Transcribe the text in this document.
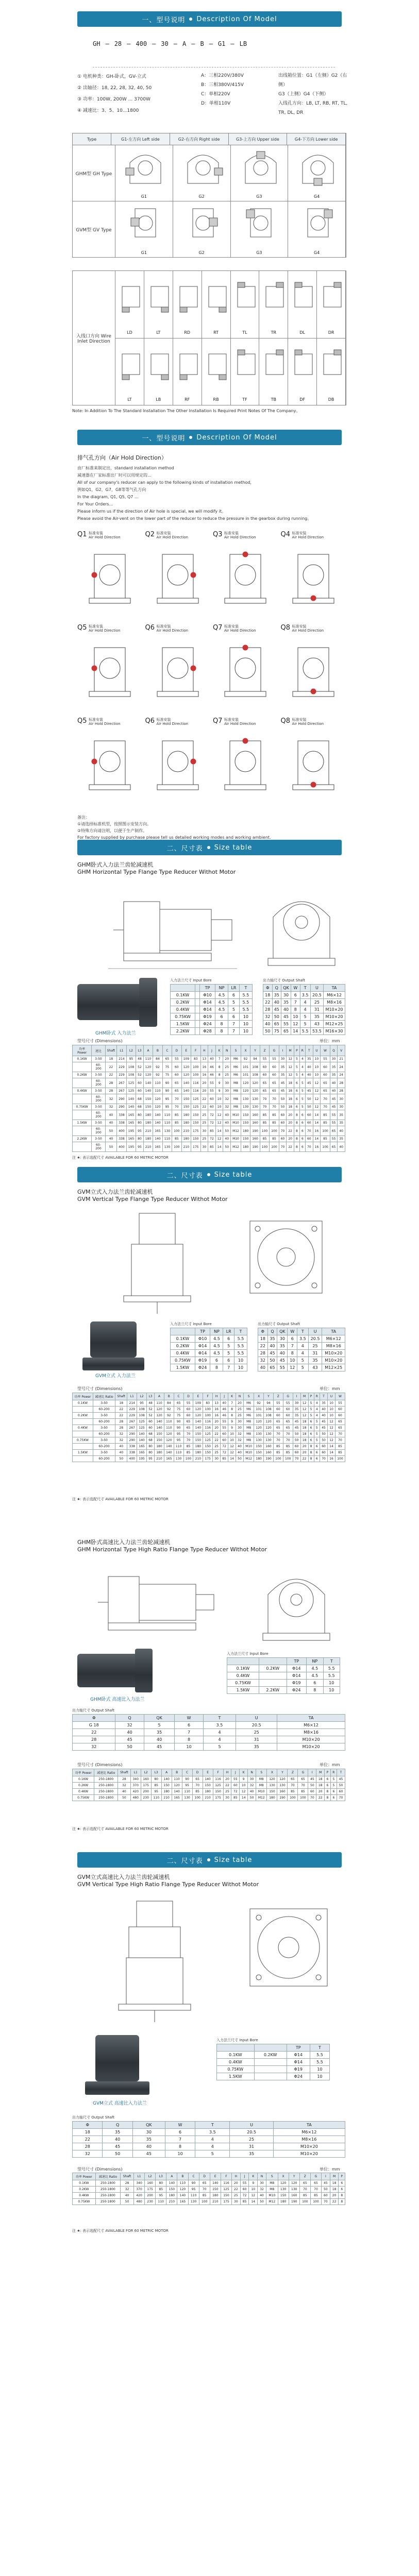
一、型号说明 Description Of Model
GH — 28 — 400 — 30 — A — B — G1 — LB
① 电机种类：GH-卧式，GV-立式
② 出轴径：18, 22, 28, 32, 40, 50
③ 功率：100W, 200W ... 3700W
④ 减速比：3、5、10...1800
A：三相220V/380V
B：三相380V/415V
C：单相220V
D：单相110V
出线箱位置：G1（左侧）G2（右侧）
G3（上侧）G4（下侧）
入线孔方向：LB, LT, RB, RT, TL, TR, DL, DR
Type	G1-左方向 Left side	G2-右方向 Right side	G3-上方向 Upper side	G4-下方向 Lower side
GHM型 GH Type
G1	G2	G3	G4
GVM型 GV Type
G1	G2	G3	G4
入线口方向 Wire Inlet Direction
LD	LT	RD	RT	TL	TR	DL	DR
LT	LB	RF	RB	TF	TB	DF	DB
Note: In Addition To The Standard Installation The Other Installation Is Required Print Notes Of The Company。
一、型号说明 Description Of Model
排气孔方向（Air Hold Direction）
由厂标准来制定出，standard installation method
减速器在厂家标准出厂时可以用规定的...
All of our company's reducer can apply to the following kinds of installation method,
例如Q1，G2，G7，G8等等气孔方向
In the diagram, Q1, Q5, Q7 ...
For Your Orders...
Please inform us if the direction of Air hole is special, we will modify it。
Please avoid the Air-vent on the lower part of the reducer to reduce the pressure in the gearbox during running。
Q1 标准安装
Air Hold Direction	Q2 标准安装
Air Hold Direction	Q3 标准安装
Air Hold Direction	Q4 标准安装
Air Hold Direction
Q5 标准安装
Air Hold Direction	Q6 标准安装
Air Hold Direction	Q7 标准安装
Air Hold Direction	Q8 标准安装
Air Hold Direction
Q5 标准安装
Air Hold Direction	Q6 标准安装
Air Hold Direction	Q7 标准安装
Air Hold Direction	Q8 标准安装
Air Hold Direction
备注：
①请选择标准机型，按照图示安装方向。
②特殊方向请注明，以便于生产制作。
For factory supplied by purchase please tell us detailed working modes and working ambient.
二、尺寸表 Size table
GHM卧式入力法兰齿轮减速机
GHM Horizontal Type Flange Type Reducer Withot Motor
GHM卧式 入力法兰
入力法兰尺寸 Input Bore
		TP	NP	LR	T
0.1KW		Φ10	4.5	6	5.5
0.2KW		Φ14	4.5	5	5.5
0.4KW		Φ14	4.5	5	5.5
0.75KW		Φ19	6	6	10
1.5KW		Φ24	8	7	10
2.2KW		Φ28	8	7	10
出力轴尺寸 Output Shaft
Φ	Q	QK	W	T	U	TA
18	35	30	6	3.5	20.5	M6×12
22	40	35	7	4	25	M8×16
28	45	40	8	4	31	M10×20
32	50	45	10	5	35	M10×20
40	65	55	12	5	43	M12×25
50	75	65	14	5.5	53.5	M16×30
型号尺寸 (Dimensions)	单位：mm
功率 Power	速比	Shaft	L1	L2	L3	A	B	C	D	E	F	H	J	K	N	S	X	Y	Z	G	I	M	P	R	T	U	W	Q	V
0.1KW	3-50	18	214	95	48	110	84	65	55	109	83	13	40	7	20	M6	92	94	55	55	30	12	5	4	35	10	55	30	21
	60-200	22	229	108	52	120	92	75	60	120	100	16	46	8	25	M6	101	108	60	60	35	12	5	4	40	10	60	35	24
0.2KW	3-50	22	229	108	52	120	92	75	60	120	100	16	46	8	25	M6	101	108	60	60	35	12	5	4	40	10	60	35	24
	60-200	28	267	125	60	140	110	90	65	140	116	20	55	9	30	M8	120	120	65	65	45	18	6	5	45	12	65	40	28
0.4KW	3-50	28	267	125	60	140	110	90	65	140	116	20	55	9	30	M8	120	120	65	65	45	18	6	5	45	12	65	40	28
	60-200	32	290	140	68	150	120	95	70	150	125	22	60	10	32	M8	130	130	70	70	50	18	6	5	50	12	70	45	30
0.75KW	3-50	32	290	140	68	150	120	95	70	150	125	22	60	10	32	M8	130	130	70	70	50	18	6	5	50	12	70	45	30
	60-200	40	338	165	80	180	140	110	85	180	150	25	72	12	40	M10	150	160	85	85	60	20	8	6	60	14	85	55	35
1.5KW	3-50	40	338	165	80	180	140	110	85	180	150	25	72	12	40	M10	150	160	85	85	60	20	8	6	60	14	85	55	35
	60-200	50	400	195	95	210	165	130	100	210	175	30	85	14	50	M12	180	190	100	100	70	22	8	6	70	16	100	65	40
2.2KW	3-50	40	338	165	80	180	140	110	85	180	150	25	72	12	40	M10	150	160	85	85	60	20	8	6	60	14	85	55	35
	60-200	50	400	195	95	210	165	130	100	210	175	30	85	14	50	M12	180	190	100	100	70	22	8	6	70	16	100	65	40
注 ★: 表示选配尺寸 AVAILABLE FOR 60 METRIC MOTOR
二、尺寸表 Size table
GVM立式入力法兰齿轮减速机
GVM Vertical Type Flange Type Reducer Withot Motor
GVM立式 入力法兰
入力法兰尺寸 Input Bore
	TP	NP	LR	T
0.1KW	Φ10	4.5	6	5.5
0.2KW	Φ14	4.5	5	5.5
0.4KW	Φ14	4.5	5	5.5
0.75KW	Φ19	6	6	10
1.5KW	Φ24	8	7	10
出力轴尺寸 Output Shaft
Φ	Q	QK	W	T	U	TA
18	35	30	6	3.5	20.5	M6×12
22	40	35	7	4	25	M8×16
28	45	40	8	4	31	M10×20
32	50	45	10	5	35	M10×20
40	65	55	12	5	43	M12×25
型号尺寸 (Dimensions)	单位：mm
功率 Power	减速比 Ratio	Shaft	L1	L2	L3	A	B	C	D	E	F	H	J	K	N	S	X	Y	Z	G	I	M	P	R	T	U	W
0.1KW	3-50	18	214	95	48	110	84	65	55	109	83	13	40	7	20	M6	92	94	55	55	30	12	5	4	35	10	55
	60-200	22	229	108	52	120	92	75	60	120	100	16	46	8	25	M6	101	108	60	60	35	12	5	4	40	10	60
0.2KW	3-50	22	229	108	52	120	92	75	60	120	100	16	46	8	25	M6	101	108	60	60	35	12	5	4	40	10	60
	60-200	28	267	125	60	140	110	90	65	140	116	20	55	9	30	M8	120	120	65	65	45	18	6	5	45	12	65
0.4KW	3-50	28	267	125	60	140	110	90	65	140	116	20	55	9	30	M8	120	120	65	65	45	18	6	5	45	12	65
	60-200	32	290	140	68	150	120	95	70	150	125	22	60	10	32	M8	130	130	70	70	50	18	6	5	50	12	70
0.75KW	3-50	32	290	140	68	150	120	95	70	150	125	22	60	10	32	M8	130	130	70	70	50	18	6	5	50	12	70
	60-200	40	338	165	80	180	140	110	85	180	150	25	72	12	40	M10	150	160	85	85	60	20	8	6	60	14	85
1.5KW	3-50	40	338	165	80	180	140	110	85	180	150	25	72	12	40	M10	150	160	85	85	60	20	8	6	60	14	85
	60-200	50	400	195	95	210	165	130	100	210	175	30	85	14	50	M12	180	190	100	100	70	22	8	6	70	16	100
注 ★: 表示选配尺寸 AVAILABLE FOR 60 METRIC MOTOR
GHM卧式高速比入力法兰齿轮减速机
GHM Horizontal Type High Ratio Flange Type Reducer Withot Motor
GHM卧式 高速比入力法兰
入力法兰尺寸 Input Bore
		TP	NP	T
0.1KW	0.2KW	Φ14	4.5	5.5
0.4KW		Φ14	4.5	5.5
0.75KW		Φ19	6	10
1.5KW	2.2KW	Φ24	8	10
出力轴尺寸 Output Shaft
Φ	Q	QK	W	T	U	TA
G 18	32	5	6	3.5	20.5	M6×12
22	40	35	7	4	25	M8×16
28	45	40	8	4	31	M10×20
32	50	45	10	5	35	M10×20
型号尺寸 (Dimensions)	单位：mm
功率 Power	减速比 Ratio	Shaft	L1	L2	L3	A	B	C	D	E	F	H	J	K	N	S	X	Y	Z	G	I	M	P	R	T
0.1KW	250-1800	28	340	160	80	140	110	90	65	140	116	20	55	9	30	M8	120	120	65	65	45	18	6	5	45
0.2KW	250-1800	32	370	175	85	150	120	95	70	150	125	22	60	10	32	M8	130	130	70	70	50	18	6	5	50
0.4KW	250-1800	40	420	200	95	180	140	110	85	180	150	25	72	12	40	M10	150	160	85	85	60	20	8	6	60
0.75KW	250-1800	50	480	230	110	210	165	130	100	210	175	30	85	14	50	M12	180	190	100	100	70	22	8	6	70
注 ★: 表示选配尺寸 AVAILABLE FOR 60 METRIC MOTOR
二、尺寸表 Size table
GVM立式高速比入力法兰齿轮减速机
GVM Vertical Type High Ratio Flange Type Reducer Withot Motor
GVM立式 高速比入力法兰
入力法兰尺寸 Input Bore
		TP	T
0.1KW	0.2KW	Φ14	5.5
0.4KW		Φ14	5.5
0.75KW		Φ19	10
1.5KW		Φ24	10
出力轴尺寸 Output Shaft
Φ	Q	QK	W	T	U	TA
18	35	30	6	3.5	20.5	M6×12
22	40	35	7	4	25	M8×16
28	45	40	8	4	31	M10×20
32	50	45	10	5	35	M10×20
型号尺寸 (Dimensions)	单位：mm
功率 Power	减速比 Ratio	Shaft	L1	L2	L3	A	B	C	D	E	F	H	J	K	N	S	X	Y	Z	G	I	M	P
0.1KW	250-1800	28	340	160	80	140	110	90	65	140	116	20	55	9	30	M8	120	120	65	65	45	18	6
0.2KW	250-1800	32	370	175	85	150	120	95	70	150	125	22	60	10	32	M8	130	130	70	70	50	18	6
0.4KW	250-1800	40	420	200	95	180	140	110	85	180	150	25	72	12	40	M10	150	160	85	85	60	20	8
0.75KW	250-1800	50	480	230	110	210	165	130	100	210	175	30	85	14	50	M12	180	190	100	100	70	22	8
注 ★: 表示选配尺寸 AVAILABLE FOR 60 METRIC MOTOR
